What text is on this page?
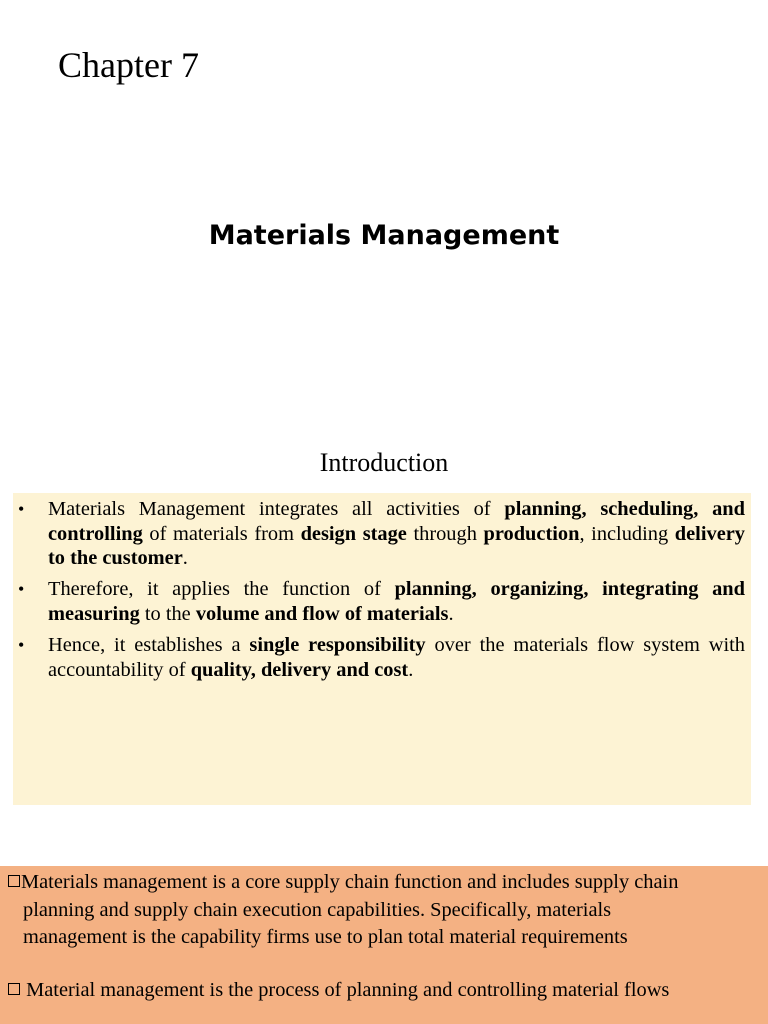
Chapter 7
Materials Management
Introduction
• Materials Management integrates all activities of planning, scheduling, and controlling of materials from design stage through production, including delivery to the customer.
• Therefore, it applies the function of planning, organizing, integrating and measuring to the volume and flow of materials.
• Hence, it establishes a single responsibility over the materials flow system with accountability of quality, delivery and cost.
Materials management is a core supply chain function and includes supply chain
planning and supply chain execution capabilities. Specifically, materials
management is the capability firms use to plan total material requirements
Material management is the process of planning and controlling material flows
